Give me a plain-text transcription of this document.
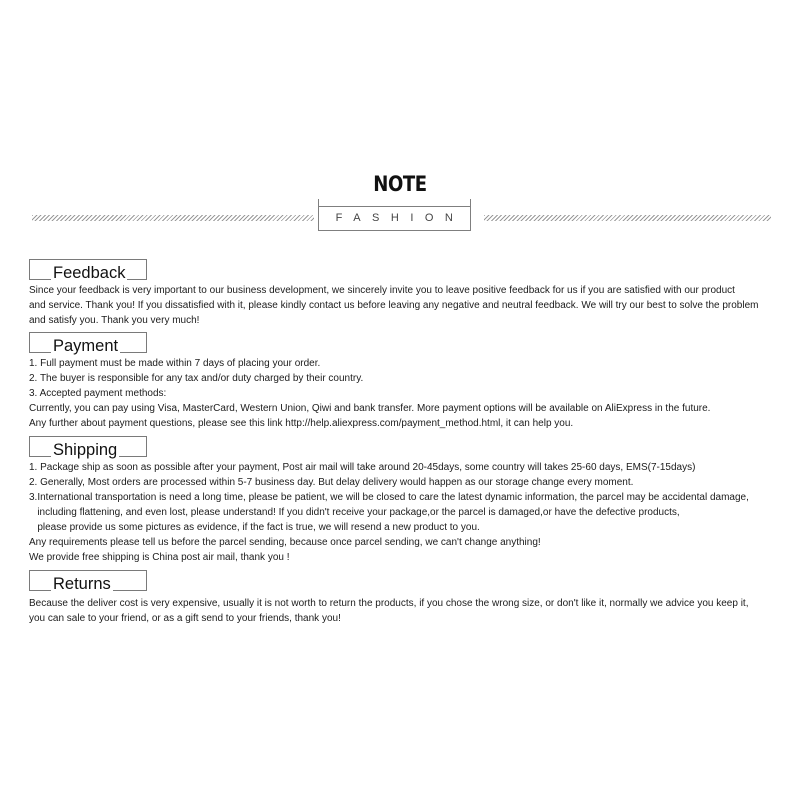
NOTE
FASHION
Feedback
Since your feedback is very important to our business development, we sincerely invite you to leave positive feedback for us if you are satisfied with our product
and service. Thank you! If you dissatisfied with it, please kindly contact us before leaving any negative and neutral feedback. We will try our best to solve the problem
and satisfy you. Thank you very much!
Payment
1. Full payment must be made within 7 days of placing your order.
2. The buyer is responsible for any tax and/or duty charged by their country.
3. Accepted payment methods:
Currently, you can pay using Visa, MasterCard, Western Union, Qiwi and bank transfer. More payment options will be available on AliExpress in the future.
Any further about payment questions, please see this link http://help.aliexpress.com/payment_method.html, it can help you.
Shipping
1. Package ship as soon as possible after your payment, Post air mail will take around 20-45days, some country will takes 25-60 days, EMS(7-15days)
2. Generally, Most orders are processed within 5-7 business day. But delay delivery would happen as our storage change every moment.
3.International transportation is need a long time, please be patient, we will be closed to care the latest dynamic information, the parcel may be accidental damage,
including flattening, and even lost, please understand! If you didn't receive your package,or the parcel is damaged,or have the defective products,
please provide us some pictures as evidence, if the fact is true, we will resend a new product to you.
Any requirements please tell us before the parcel sending, because once parcel sending, we can't change anything!
We provide free shipping is China post air mail, thank you !
Returns
Because the deliver cost is very expensive, usually it is not worth to return the products, if you chose the wrong size, or don't like it, normally we advice you keep it,
you can sale to your friend, or as a gift send to your friends, thank you!
